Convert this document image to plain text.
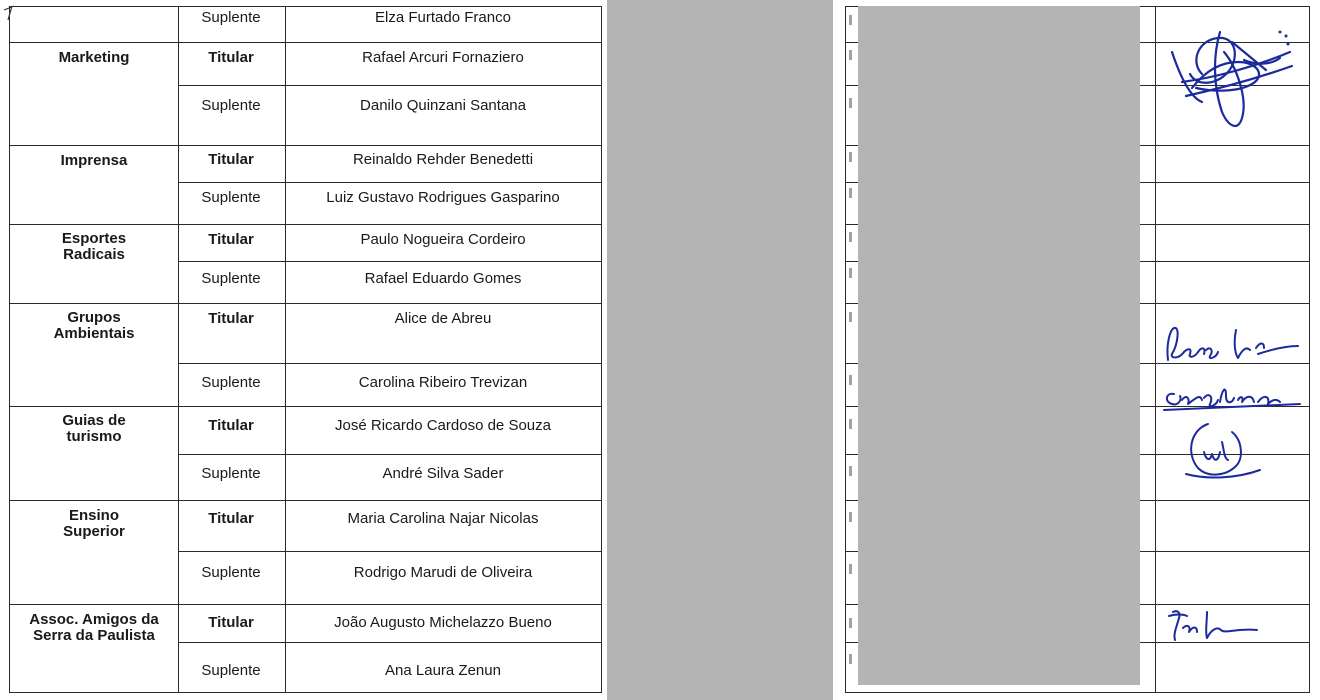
Marketing
Imprensa
Esportes Radicais
Grupos Ambientais
Guias de turismo
Ensino Superior
Assoc. Amigos da Serra da Paulista
Suplente
Titular
Suplente
Titular
Suplente
Titular
Suplente
Titular
Suplente
Titular
Suplente
Titular
Suplente
Titular
Suplente
Elza Furtado Franco
Rafael Arcuri Fornaziero
Danilo Quinzani Santana
Reinaldo Rehder Benedetti
Luiz Gustavo Rodrigues Gasparino
Paulo Nogueira Cordeiro
Rafael Eduardo Gomes
Alice de Abreu
Carolina Ribeiro Trevizan
José Ricardo Cardoso de Souza
André Silva Sader
Maria Carolina Najar Nicolas
Rodrigo Marudi de Oliveira
João Augusto Michelazzo Bueno
Ana Laura Zenun
